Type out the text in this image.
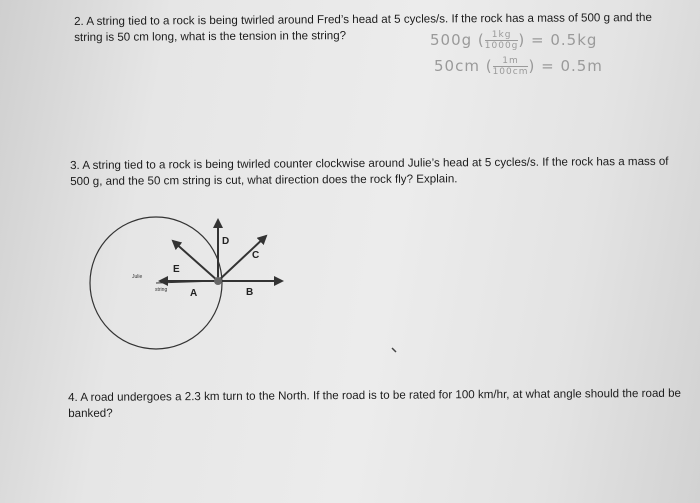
2. A string tied to a rock is being twirled around Fred’s head at 5 cycles/s. If the rock has a mass of 500 g and the string is 50 cm long, what is the tension in the string?	500g ( $\frac{1kg}{1000g}$ ) = 0.5kg
50cm ( $\frac{1m}{100cm}$ ) = 0.5m
3. A string tied to a rock is being twirled counter clockwise around Julie’s head at 5 cycles/s. If the rock has a mass of 500 g, and the 50 cm string is cut, what direction does the rock fly? Explain.
Julie
string A	B
C
D
E
4. A road undergoes a 2.3 km turn to the North. If the road is to be rated for 100 km/hr, at what angle should the road be banked?
